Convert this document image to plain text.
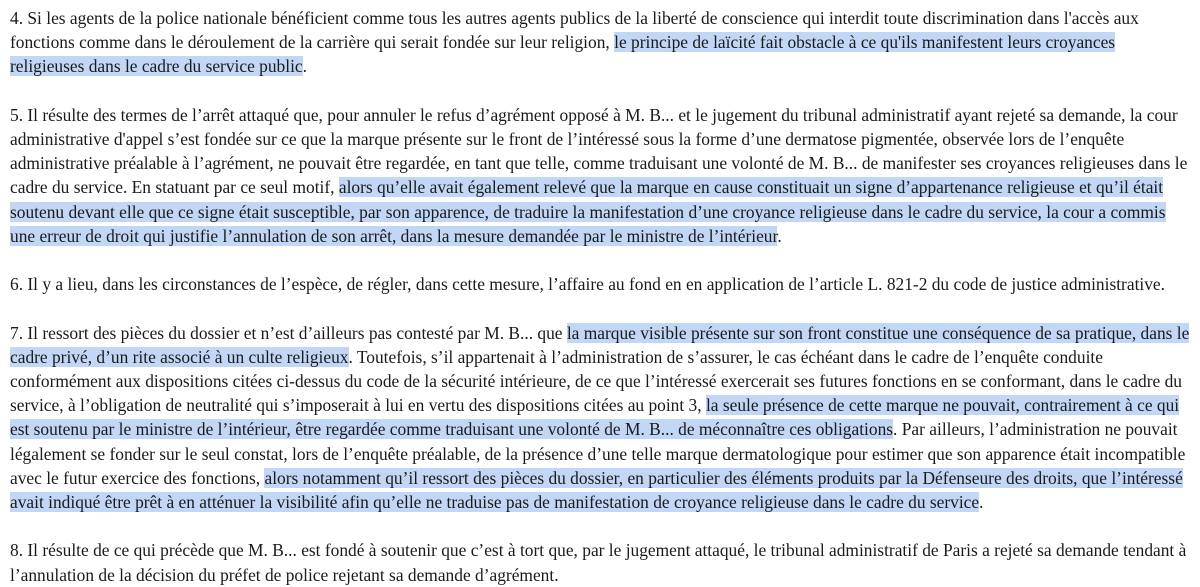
4. Si les agents de la police nationale bénéficient comme tous les autres agents publics de la liberté de conscience qui interdit toute discrimination dans l'accès aux fonctions comme dans le déroulement de la carrière qui serait fondée sur leur religion, le principe de laïcité fait obstacle à ce qu'ils manifestent leurs croyances religieuses dans le cadre du service public.

5. Il résulte des termes de l’arrêt attaqué que, pour annuler le refus d’agrément opposé à M. B... et le jugement du tribunal administratif ayant rejeté sa demande, la cour administrative d'appel s’est fondée sur ce que la marque présente sur le front de l’intéressé sous la forme d’une dermatose pigmentée, observée lors de l’enquête administrative préalable à l’agrément, ne pouvait être regardée, en tant que telle, comme traduisant une volonté de M. B... de manifester ses croyances religieuses dans le cadre du service. En statuant par ce seul motif, alors qu’elle avait également relevé que la marque en cause constituait un signe d’appartenance religieuse et qu’il était soutenu devant elle que ce signe était susceptible, par son apparence, de traduire la manifestation d’une croyance religieuse dans le cadre du service, la cour a commis une erreur de droit qui justifie l’annulation de son arrêt, dans la mesure demandée par le ministre de l’intérieur.

6. Il y a lieu, dans les circonstances de l’espèce, de régler, dans cette mesure, l’affaire au fond en en application de l’article L. 821-2 du code de justice administrative.

7. Il ressort des pièces du dossier et n’est d’ailleurs pas contesté par M. B... que la marque visible présente sur son front constitue une conséquence de sa pratique, dans le cadre privé, d’un rite associé à un culte religieux. Toutefois, s’il appartenait à l’administration de s’assurer, le cas échéant dans le cadre de l’enquête conduite conformément aux dispositions citées ci-dessus du code de la sécurité intérieure, de ce que l’intéressé exercerait ses futures fonctions en se conformant, dans le cadre du service, à l’obligation de neutralité qui s’imposerait à lui en vertu des dispositions citées au point 3, la seule présence de cette marque ne pouvait, contrairement à ce qui est soutenu par le ministre de l’intérieur, être regardée comme traduisant une volonté de M. B... de méconnaître ces obligations. Par ailleurs, l’administration ne pouvait légalement se fonder sur le seul constat, lors de l’enquête préalable, de la présence d’une telle marque dermatologique pour estimer que son apparence était incompatible avec le futur exercice des fonctions, alors notamment qu’il ressort des pièces du dossier, en particulier des éléments produits par la Défenseure des droits, que l’intéressé avait indiqué être prêt à en atténuer la visibilité afin qu’elle ne traduise pas de manifestation de croyance religieuse dans le cadre du service.

8. Il résulte de ce qui précède que M. B... est fondé à soutenir que c’est à tort que, par le jugement attaqué, le tribunal administratif de Paris a rejeté sa demande tendant à l’annulation de la décision du préfet de police rejetant sa demande d’agrément.
